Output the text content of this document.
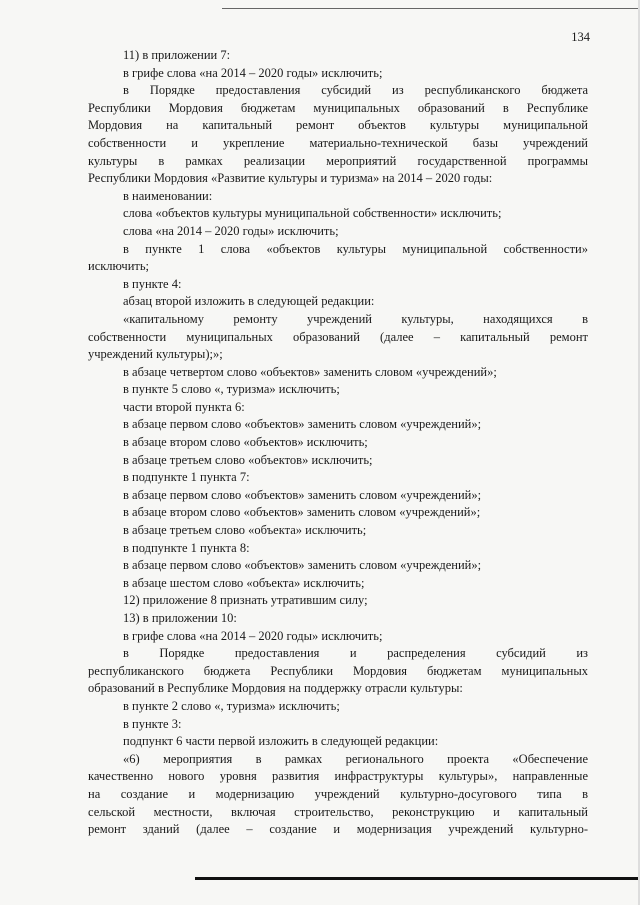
134
11) в приложении 7:
в грифе слова «на 2014 – 2020 годы» исключить;
в Порядке предоставления субсидий из республиканского бюджета
Республики Мордовия бюджетам муниципальных образований в Республике
Мордовия на капитальный ремонт объектов культуры муниципальной
собственности и укрепление материально-технической базы учреждений
культуры в рамках реализации мероприятий государственной программы
Республики Мордовия «Развитие культуры и туризма» на 2014 – 2020 годы:
в наименовании:
слова «объектов культуры муниципальной собственности» исключить;
слова «на 2014 – 2020 годы» исключить;
в пункте 1 слова «объектов культуры муниципальной собственности»
исключить;
в пункте 4:
абзац второй изложить в следующей редакции:
«капитальному ремонту учреждений культуры, находящихся в
собственности муниципальных образований (далее – капитальный ремонт
учреждений культуры);»;
в абзаце четвертом слово «объектов» заменить словом «учреждений»;
в пункте 5 слово «, туризма» исключить;
части второй пункта 6:
в абзаце первом слово «объектов» заменить словом «учреждений»;
в абзаце втором слово «объектов» исключить;
в абзаце третьем слово «объектов» исключить;
в подпункте 1 пункта 7:
в абзаце первом слово «объектов» заменить словом «учреждений»;
в абзаце втором слово «объектов» заменить словом «учреждений»;
в абзаце третьем слово «объекта» исключить;
в подпункте 1 пункта 8:
в абзаце первом слово «объектов» заменить словом «учреждений»;
в абзаце шестом слово «объекта» исключить;
12) приложение 8 признать утратившим силу;
13) в приложении 10:
в грифе слова «на 2014 – 2020 годы» исключить;
в Порядке предоставления и распределения субсидий из
республиканского бюджета Республики Мордовия бюджетам муниципальных
образований в Республике Мордовия на поддержку отрасли культуры:
в пункте 2 слово «, туризма» исключить;
в пункте 3:
подпункт 6 части первой изложить в следующей редакции:
«6) мероприятия в рамках регионального проекта «Обеспечение
качественно нового уровня развития инфраструктуры культуры», направленные
на создание и модернизацию учреждений культурно-досугового типа в
сельской местности, включая строительство, реконструкцию и капитальный
ремонт зданий (далее – создание и модернизация учреждений культурно-
